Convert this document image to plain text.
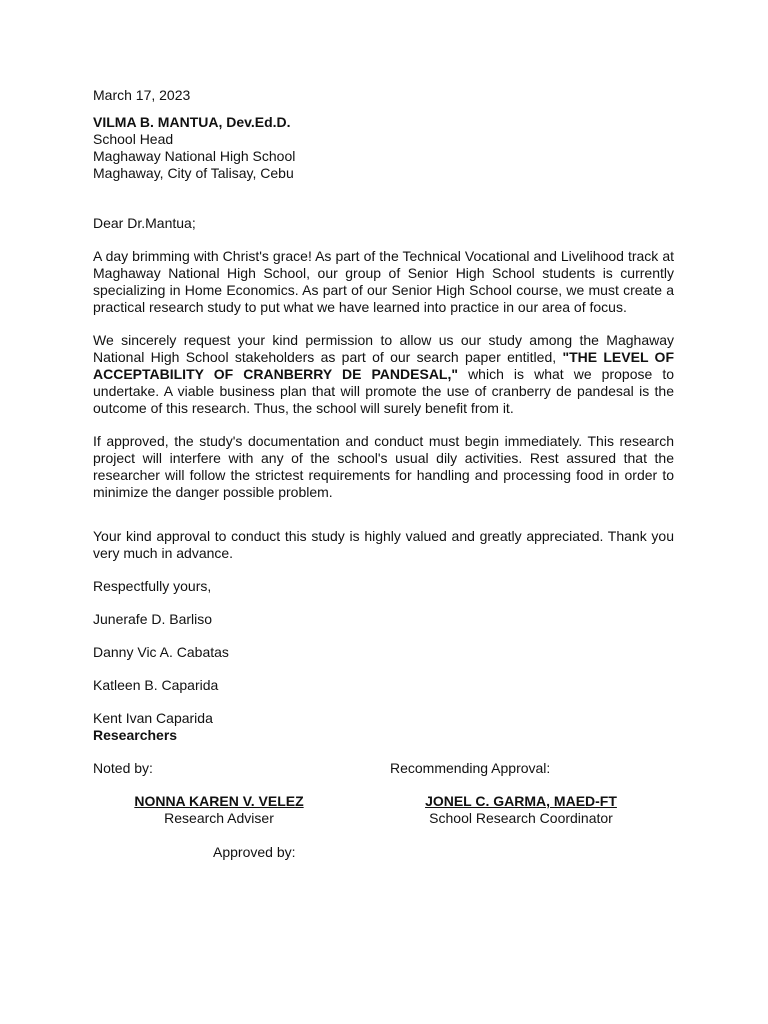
March 17, 2023

VILMA B. MANTUA, Dev.Ed.D.

School Head

Maghaway National High School

Maghaway, City of Talisay, Cebu

Dear Dr.Mantua;

A day brimming with Christ's grace! As part of the Technical Vocational and Livelihood track at Maghaway National High School, our group of Senior High School students is currently specializing in Home Economics. As part of our Senior High School course, we must create a practical research study to put what we have learned into practice in our area of focus.

We sincerely request your kind permission to allow us our study among the Maghaway National High School stakeholders as part of our search paper entitled, "THE LEVEL OF ACCEPTABILITY OF CRANBERRY DE PANDESAL," which is what we propose to undertake. A viable business plan that will promote the use of cranberry de pandesal is the outcome of this research. Thus, the school will surely benefit from it.

If approved, the study's documentation and conduct must begin immediately. This research project will interfere with any of the school's usual dily activities. Rest assured that the researcher will follow the strictest requirements for handling and processing food in order to minimize the danger possible problem.

Your kind approval to conduct this study is highly valued and greatly appreciated. Thank you very much in advance.

Respectfully yours,

Junerafe D. Barliso

Danny Vic A. Cabatas

Katleen B. Caparida

Kent Ivan Caparida

Researchers

Noted by:	Recommending Approval:
NONNA KAREN V. VELEZ
Research Adviser
JONEL C. GARMA, MAED-FT
School Research Coordinator
Approved by:
